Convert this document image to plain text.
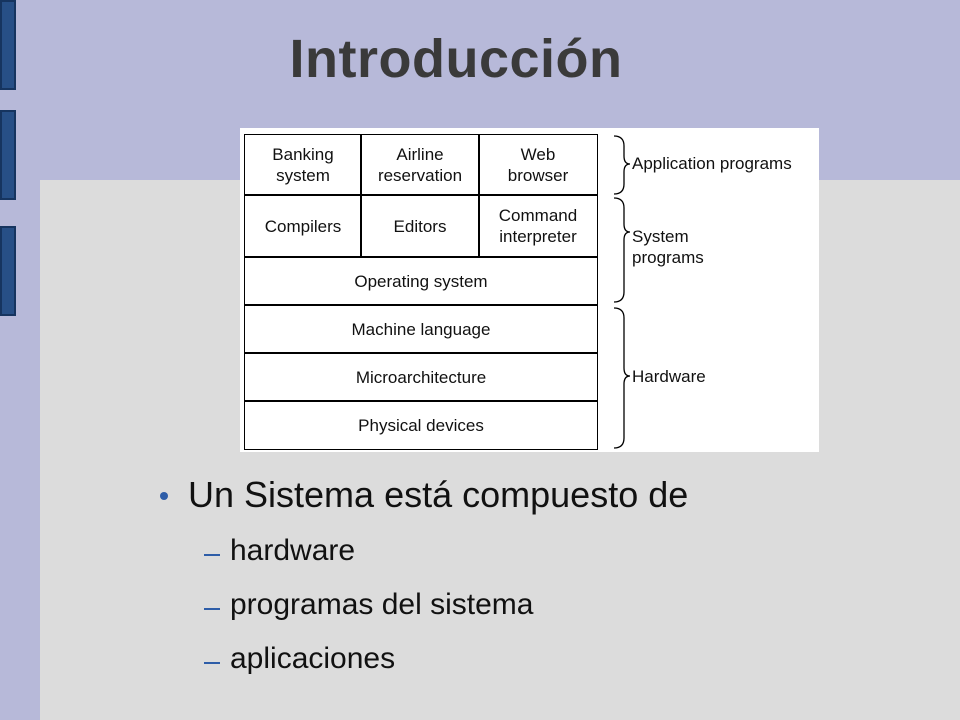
Introducción
Banking
system
Airline
reservation
Web
browser
Compilers	Editors
Command
interpreter
Operating system
Machine language
Microarchitecture
Physical devices
Application programs
System
programs
Hardware
Un Sistema está compuesto de
hardware
programas del sistema
aplicaciones
